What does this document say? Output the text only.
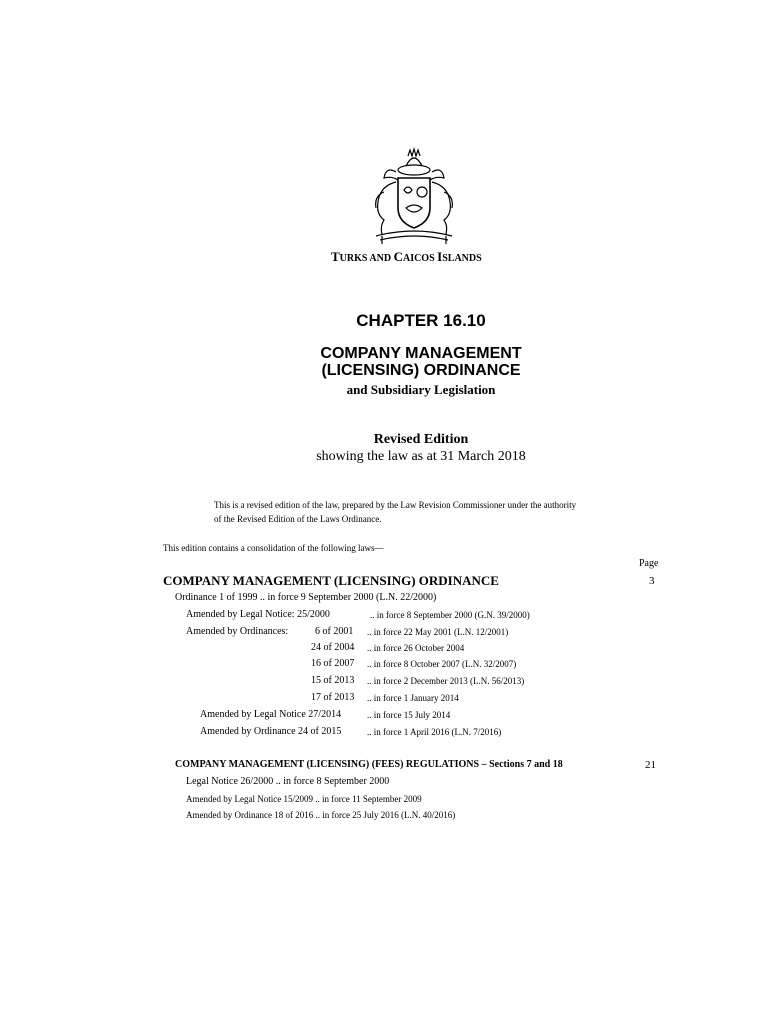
TURKS AND CAICOS ISLANDS
CHAPTER 16.10
COMPANY MANAGEMENT
(LICENSING) ORDINANCE
and Subsidiary Legislation
Revised Edition
showing the law as at 31 March 2018
This is a revised edition of the law, prepared by the Law Revision Commissioner under the authority
of the Revised Edition of the Laws Ordinance.
This edition contains a consolidation of the following laws—
Page
COMPANY MANAGEMENT (LICENSING) ORDINANCE	3
Ordinance 1 of 1999 .. in force 9 September 2000 (L.N. 22/2000)
Amended by Legal Notice: 25/2000	.. in force 8 September 2000 (G.N. 39/2000)
Amended by Ordinances:	6 of 2001 .. in force 22 May 2001 (L.N. 12/2001)
24 of 2004 .. in force 26 October 2004
16 of 2007 .. in force 8 October 2007 (L.N. 32/2007)
15 of 2013 .. in force 2 December 2013 (L.N. 56/2013)
17 of 2013 .. in force 1 January 2014
Amended by Legal Notice 27/2014	.. in force 15 July 2014
Amended by Ordinance 24 of 2015	.. in force 1 April 2016 (L.N. 7/2016)
COMPANY MANAGEMENT (LICENSING) (FEES) REGULATIONS – Sections 7 and 18	21
Legal Notice 26/2000 .. in force 8 September 2000
Amended by Legal Notice 15/2009 .. in force 11 September 2009
Amended by Ordinance 18 of 2016 .. in force 25 July 2016 (L.N. 40/2016)
